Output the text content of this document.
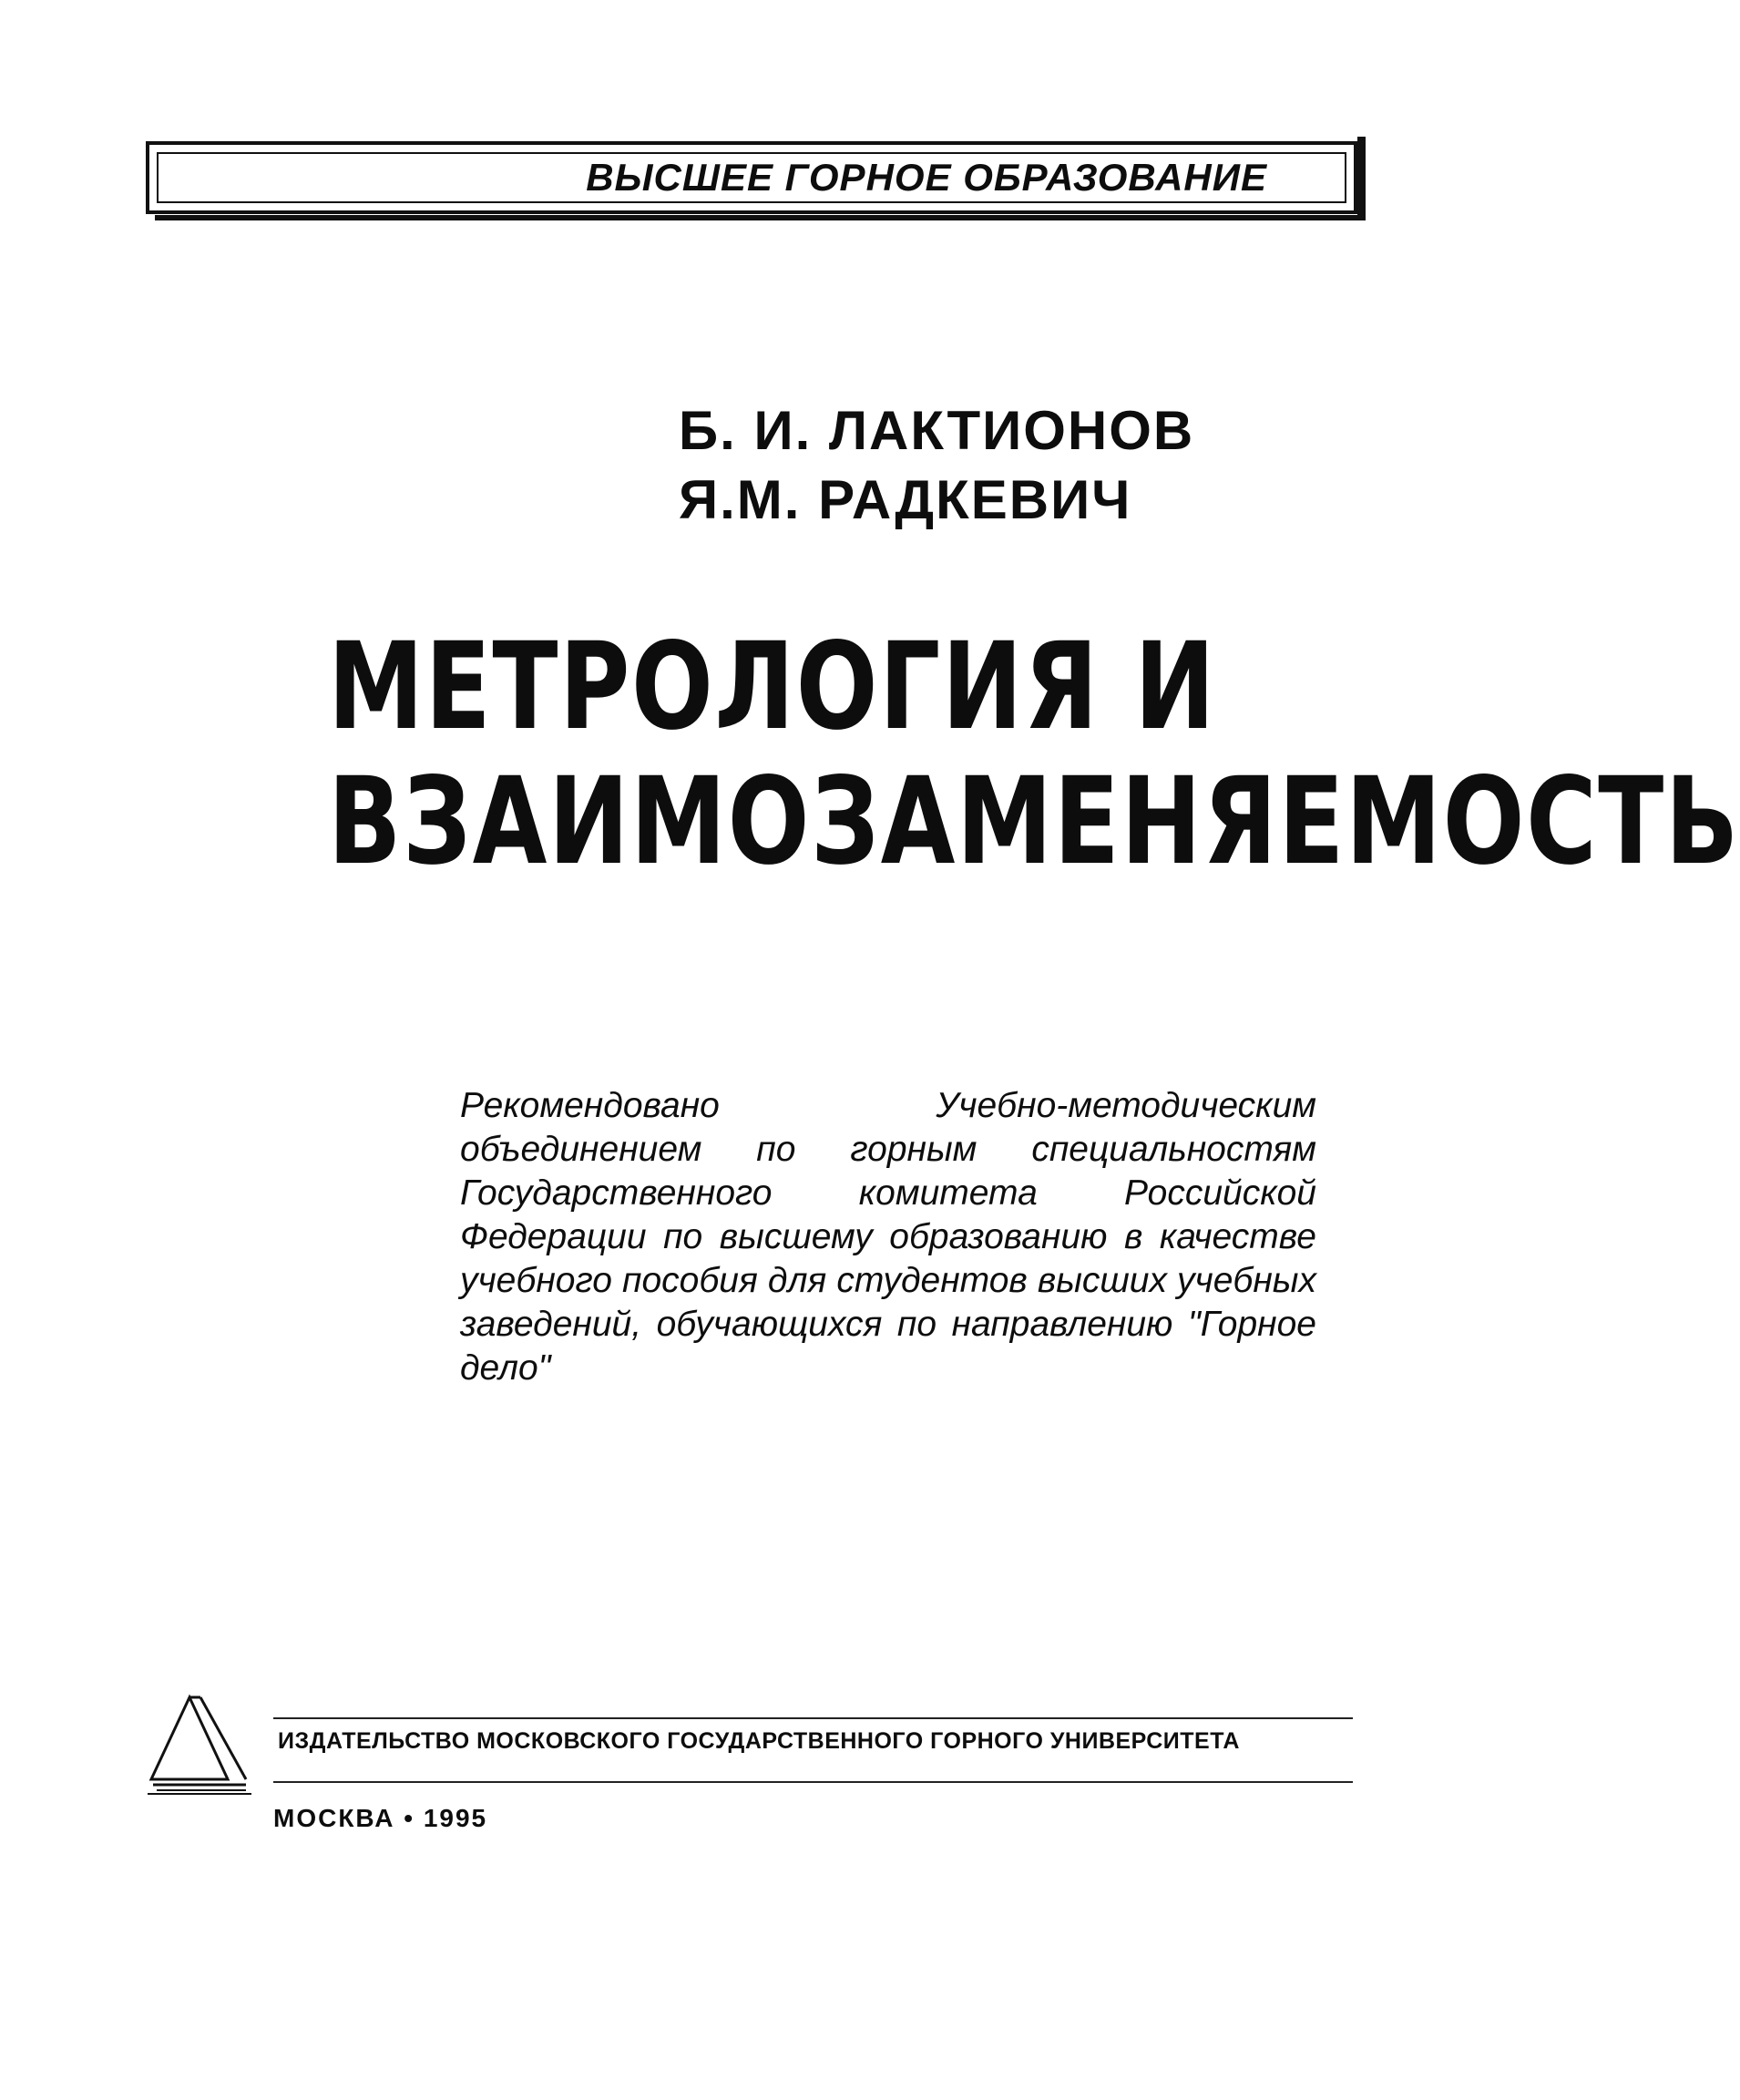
ВЫСШЕЕ ГОРНОЕ ОБРАЗОВАНИЕ
Б. И. ЛАКТИОНОВ
Я.М. РАДКЕВИЧ
МЕТРОЛОГИЯ И
ВЗАИМОЗАМЕНЯЕМОСТЬ
Рекомендовано Учебно-методическим объединением по горным специальностям Государственного комитета Российской Федерации по высшему образованию в качестве учебного пособия для студентов высших учебных заведений, обучающихся по направлению "Горное дело"
ИЗДАТЕЛЬСТВО МОСКОВСКОГО ГОСУДАРСТВЕННОГО ГОРНОГО УНИВЕРСИТЕТА
МОСКВА • 1995
